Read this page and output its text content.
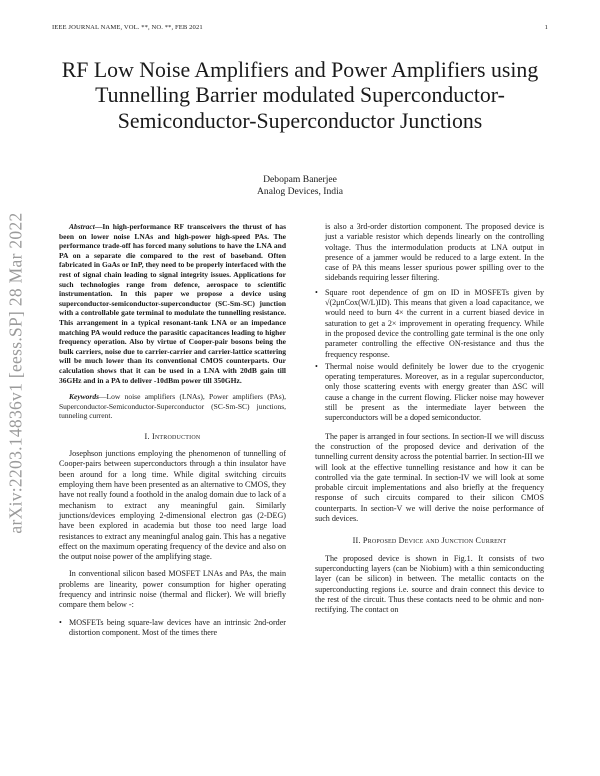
IEEE JOURNAL NAME, VOL. **, NO. **, FEB 2021	1
arXiv:2203.14836v1 [eess.SP] 28 Mar 2022
RF Low Noise Amplifiers and Power Amplifiers using Tunnelling Barrier modulated Superconductor-Semiconductor-Superconductor Junctions
Debopam Banerjee
Analog Devices, India

Abstract—In high-performance RF transceivers the thrust of has been on lower noise LNAs and high-power high-speed PAs. The performance trade-off has forced many solutions to have the LNA and PA on a separate die compared to the rest of baseband. Often fabricated in GaAs or InP, they need to be properly interfaced with the rest of signal chain leading to signal integrity issues. Applications for such technologies range from defence, aerospace to scientific instrumentation. In this paper we propose a device using superconductor-semiconductor-superconductor (SC-Sm-SC) junction with a controllable gate terminal to modulate the tunnelling resistance. This arrangement in a typical resonant-tank LNA or an impedance matching PA would reduce the parasitic capacitances leading to higher frequency operation. Also by virtue of Cooper-pair bosons being the bulk carriers, noise due to carrier-carrier and carrier-lattice scattering will be much lower than its conventional CMOS counterparts. Our calculation shows that it can be used in a LNA with 20dB gain till 36GHz and in a PA to deliver -10dBm power till 350GHz.

Keywords—Low noise amplifiers (LNAs), Power amplifiers (PAs), Superconductor-Semiconductor-Superconductor (SC-Sm-SC) junctions, tunneling current.

I. Introduction

Josephson junctions employing the phenomenon of tunnelling of Cooper-pairs between superconductors through a thin insulator have been around for a long time. While digital switching circuits employing them have been presented as an alternative to CMOS, they have not really found a foothold in the analog domain due to lack of a mechanism to extract any meaningful gain. Similarly junctions/devices employing 2-dimensional electron gas (2-DEG) have been explored in academia but those too need large load resistances to extract any meaningful analog gain. This has a negative effect on the maximum operating frequency of the device and also on the output noise power of the amplifying stage.

In conventional silicon based MOSFET LNAs and PAs, the main problems are linearity, power consumption for higher operating frequency and intrinsic noise (thermal and flicker). We will briefly compare them below -:

• MOSFETs being square-law devices have an intrinsic 2nd-order distortion component. Most of the times there

is also a 3rd-order distortion component. The proposed device is just a variable resistor which depends linearly on the controlling voltage. Thus the intermodulation products at LNA output in presence of a jammer would be reduced to a large extent. In the case of PA this means lesser spurious power spilling over to the sidebands requiring lesser filtering.

• Square root dependence of gm on ID in MOSFETs given by √(2μnCox(W/L)ID). This means that given a load capacitance, we would need to burn 4× the current in a current biased device in saturation to get a 2× improvement in operating frequency. While in the proposed device the controlling gate terminal is the one only parameter controlling the effective ON-resistance and thus the frequency response.
• Thermal noise would definitely be lower due to the cryogenic operating temperatures. Moreover, as in a regular superconductor, only those scattering events with energy greater than ΔSC will cause a change in the current flowing. Flicker noise may however still be present as the intermediate layer between the superconductors will be a doped semiconductor.

The paper is arranged in four sections. In section-II we will discuss the construction of the proposed device and derivation of the tunnelling current density across the potential barrier. In section-III we will look at the effective tunnelling resistance and how it can be controlled via the gate terminal. In section-IV we will look at some probable circuit implementations and also briefly at the frequency response of such circuits compared to their silicon CMOS counterparts. In section-V we will derive the noise performance of such devices.

II. Proposed Device and Junction Current

The proposed device is shown in Fig.1. It consists of two superconducting layers (can be Niobium) with a thin semiconducting layer (can be silicon) in between. The metallic contacts on the superconducting regions i.e. source and drain connect this device to the rest of the circuit. Thus these contacts need to be ohmic and non-rectifying. The contact on
